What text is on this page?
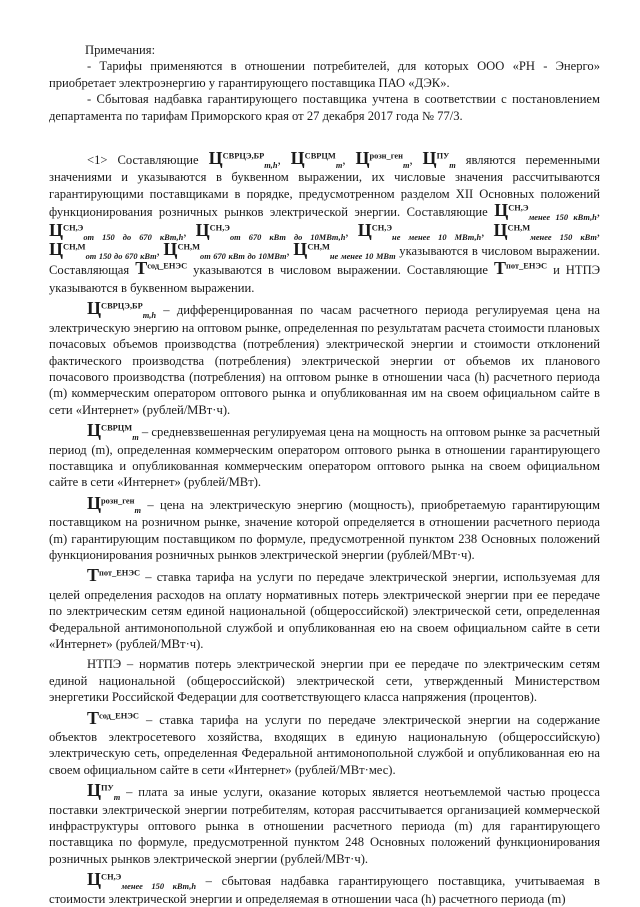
Примечания:

- Тарифы применяются в отношении потребителей, для которых ООО «РН - Энерго» приобретает электроэнергию у гарантирующего поставщика ПАО «ДЭК».

- Сбытовая надбавка гарантирующего поставщика учтена в соответствии с постановлением департамента по тарифам Приморского края от 27 декабря 2017 года № 77/3.

<1> Составляющие $Ц^{СВРЦЭ,БР}_{m,h}$, $Ц^{СВРЦМ}_m$, $Ц^{розн\_ген}_m$, $Ц^{ПУ}_m$ являются переменными значениями и указываются в буквенном выражении, их числовые значения рассчитываются гарантирующими поставщиками в порядке, предусмотренном разделом XII Основных положений функционирования розничных рынков электрической энергии. Составляющие $Ц^{СН,Э}_{менее 150 кВт,h}$, $Ц^{СН,Э}_{от 150 до 670 кВт,h}$, $Ц^{СН,Э}_{от 670 кВт до 10МВт,h}$, $Ц^{СН,Э}_{не менее 10 МВт,h}$, $Ц^{СН,М}_{менее 150 кВт}$, $Ц^{СН,М}_{от 150 до 670 кВт}$, $Ц^{СН,М}_{от 670 кВт до 10МВт}$, $Ц^{СН,М}_{не менее 10 МВт}$ указываются в числовом выражении. Составляющая $Т^{сод\_ЕНЭС}$ указываются в числовом выражении. Составляющие $Т^{пот\_ЕНЭС}$ и НТПЭ указываются в буквенном выражении.

$Ц^{СВРЦЭ,БР}_{m,h}$ – дифференцированная по часам расчетного периода регулируемая цена на электрическую энергию на оптовом рынке, определенная по результатам расчета стоимости плановых почасовых объемов производства (потребления) электрической энергии и стоимости отклонений фактического производства (потребления) электрической энергии от объемов их планового почасового производства (потребления) на оптовом рынке в отношении часа (h) расчетного периода (m) коммерческим оператором оптового рынка и опубликованная им на своем официальном сайте в сети «Интернет» (рублей/МВт·ч).

$Ц^{СВРЦМ}_m$ – средневзвешенная регулируемая цена на мощность на оптовом рынке за расчетный период (m), определенная коммерческим оператором оптового рынка в отношении гарантирующего поставщика и опубликованная коммерческим оператором оптового рынка на своем официальном сайте в сети «Интернет» (рублей/МВт).

$Ц^{розн\_ген}_m$ – цена на электрическую энергию (мощность), приобретаемую гарантирующим поставщиком на розничном рынке, значение которой определяется в отношении расчетного периода (m) гарантирующим поставщиком по формуле, предусмотренной пунктом 238 Основных положений функционирования розничных рынков электрической энергии (рублей/МВт·ч).

$Т^{пот\_ЕНЭС}$ – ставка тарифа на услуги по передаче электрической энергии, используемая для целей определения расходов на оплату нормативных потерь электрической энергии при ее передаче по электрическим сетям единой национальной (общероссийской) электрической сети, определенная Федеральной антимонопольной службой и опубликованная ею на своем официальном сайте в сети «Интернет» (рублей/МВт·ч).

НТПЭ – норматив потерь электрической энергии при ее передаче по электрическим сетям единой национальной (общероссийской) электрической сети, утвержденный Министерством энергетики Российской Федерации для соответствующего класса напряжения (процентов).

$Т^{сод\_ЕНЭС}$ – ставка тарифа на услуги по передаче электрической энергии на содержание объектов электросетевого хозяйства, входящих в единую национальную (общероссийскую) электрическую сеть, определенная Федеральной антимонопольной службой и опубликованная ею на своем официальном сайте в сети «Интернет» (рублей/МВт·мес).

$Ц^{ПУ}_m$ – плата за иные услуги, оказание которых является неотъемлемой частью процесса поставки электрической энергии потребителям, которая рассчитывается организацией коммерческой инфраструктуры оптового рынка в отношении расчетного периода (m) для гарантирующего поставщика по формуле, предусмотренной пунктом 248 Основных положений функционирования розничных рынков электрической энергии (рублей/МВт·ч).

$Ц^{СН,Э}_{менее 150 кВт,h}$ – сбытовая надбавка гарантирующего поставщика, учитываемая в стоимости электрической энергии и определяемая в отношении часа (h) расчетного периода (m)
